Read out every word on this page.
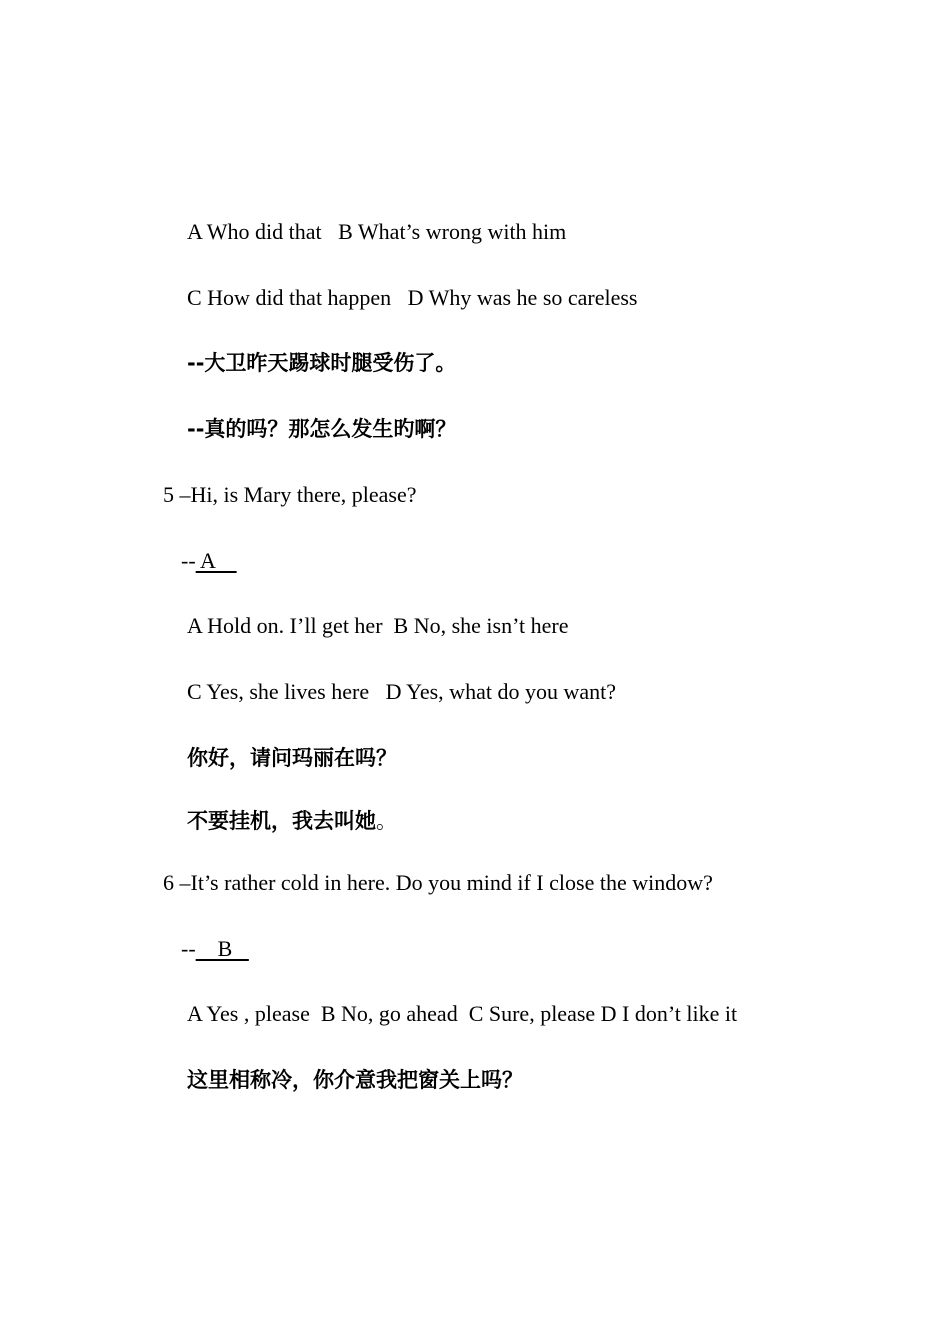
A Who did that   B What’s wrong with him
C How did that happen   D Why was he so careless
--大卫昨天踢球时腿受伤了。
--真的吗？那怎么发生旳啊？
5 –Hi, is Mary there, please?
-- A
A Hold on. I’ll get her  B No, she isn’t here
C Yes, she lives here   D Yes, what do you want?
你好，请问玛丽在吗？
不要挂机，我去叫她。
6 –It’s rather cold in here. Do you mind if I close the window?
--    B
A Yes , please  B No, go ahead  C Sure, please D I don’t like it
这里相称冷，你介意我把窗关上吗？
